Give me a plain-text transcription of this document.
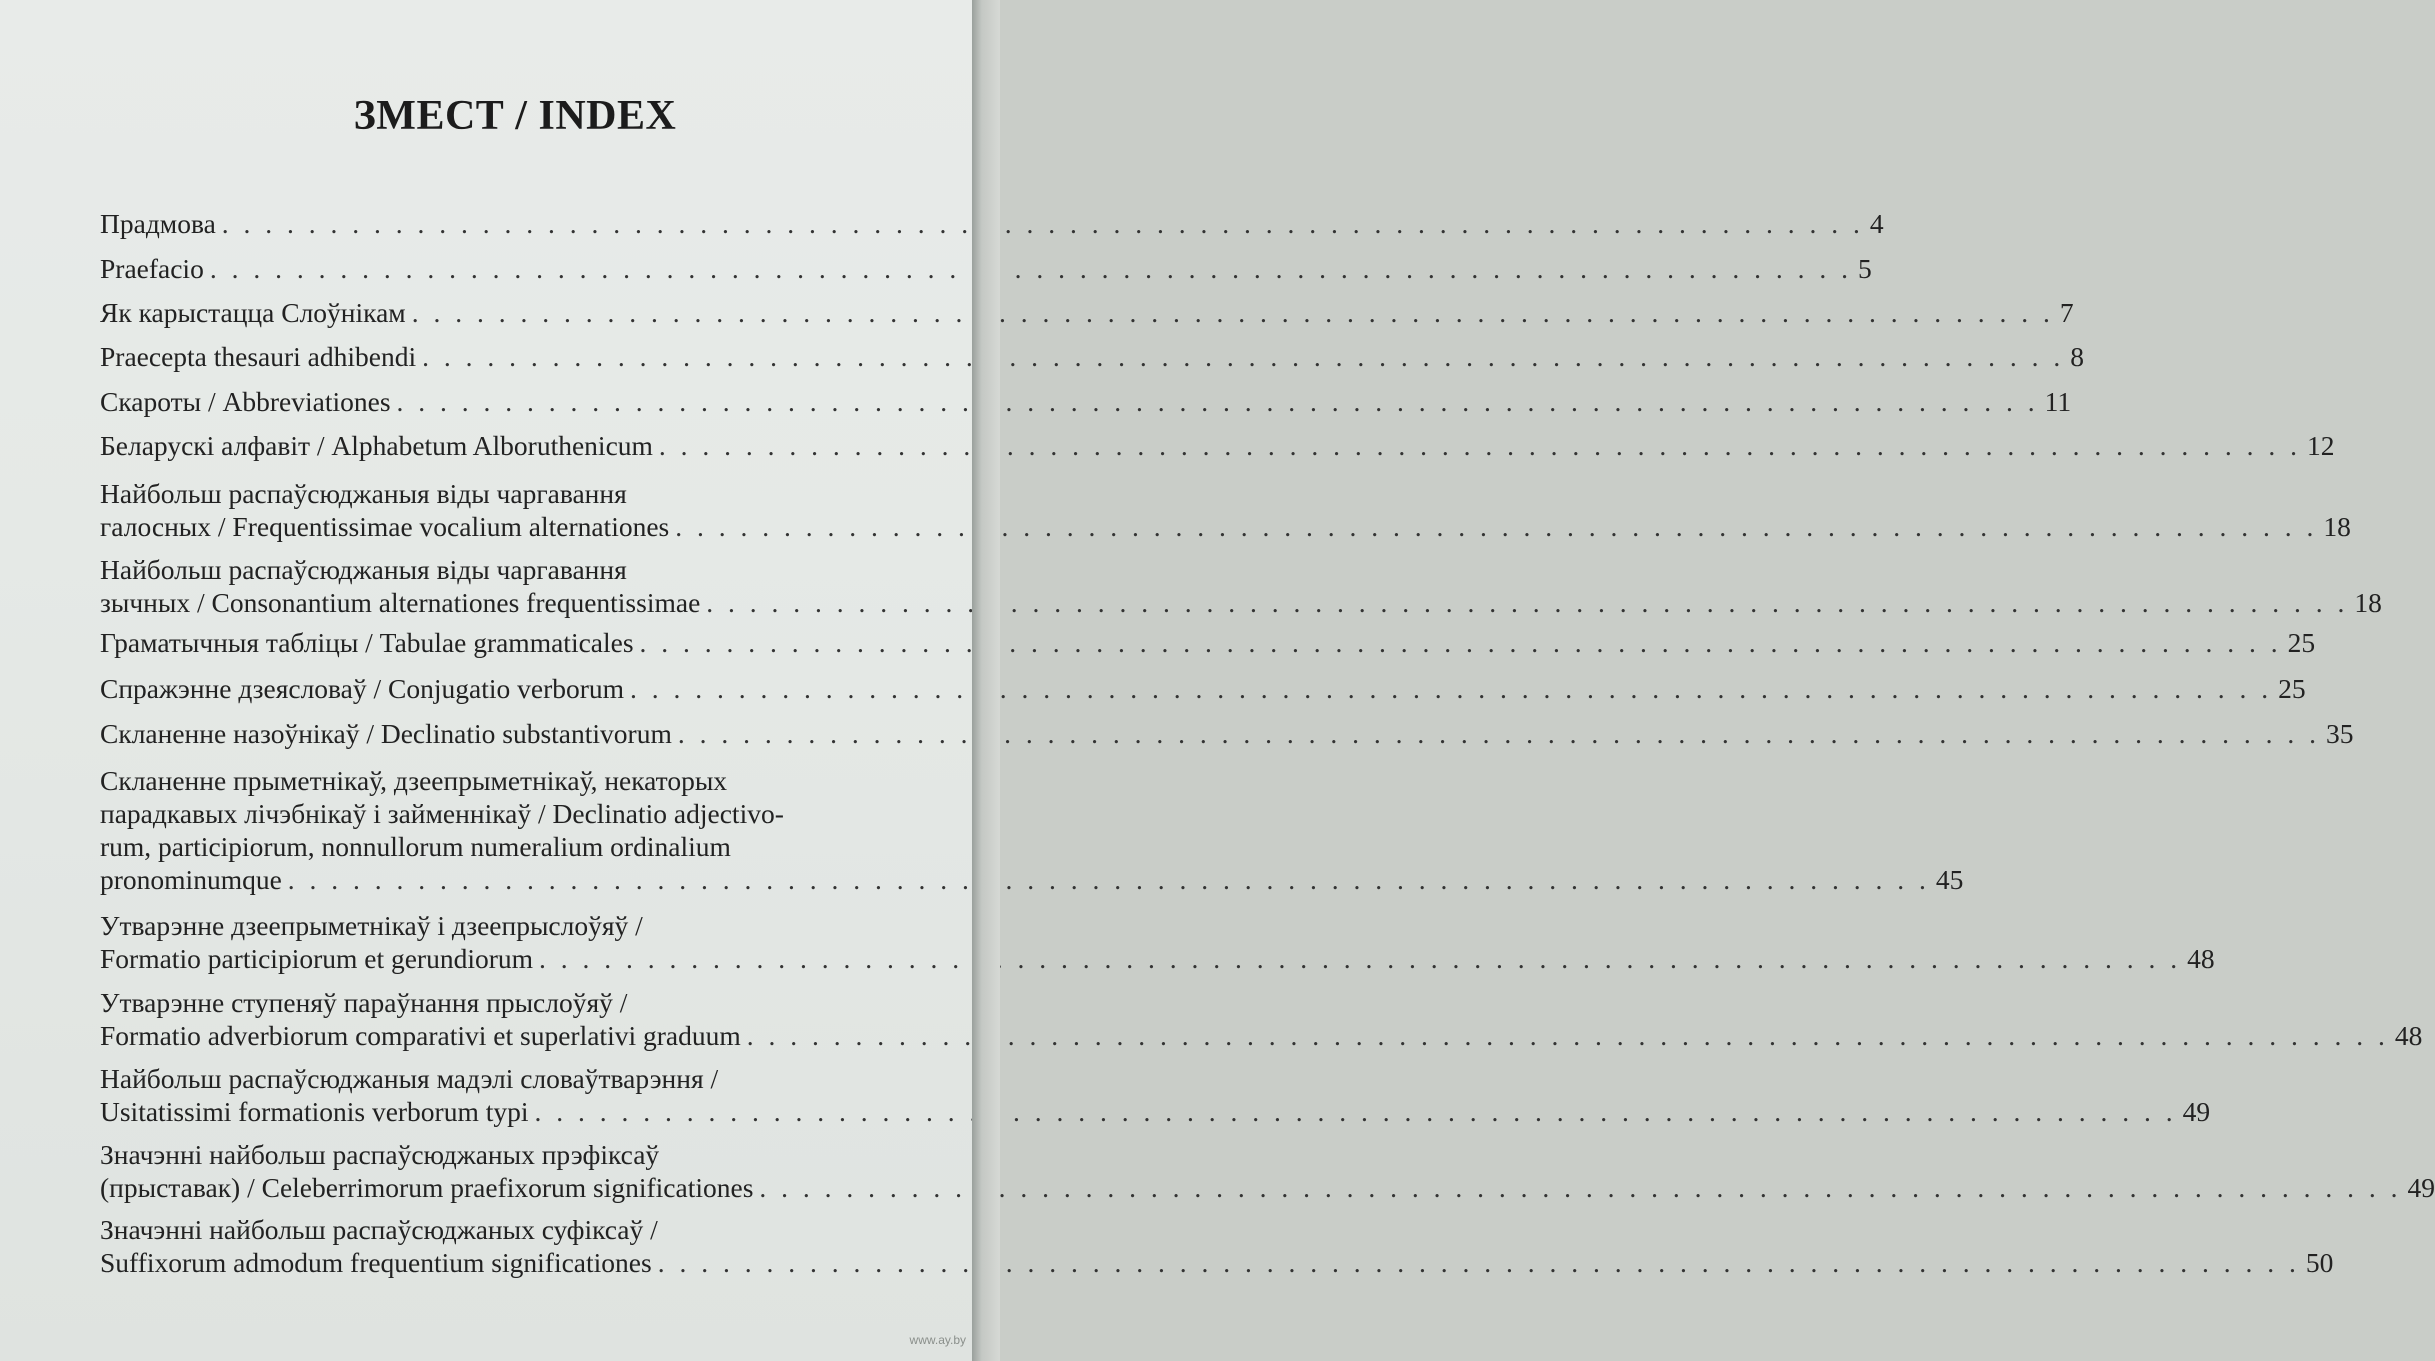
ЗМЕСТ / INDEX
Прадмова . . .	4
Praefacio . . .	5
Як карыстацца Слоўнікам . . .	7
Praecepta thesauri adhibendi . . .	8
Скароты / Abbreviationes . . .	11
Беларускі алфавіт / Alphabetum Alboruthenicum . . .	12
Найбольш распаўсюджаныя віды чаргавання
галосных / Frequentissimae vocalium alternationes . . .	18
Найбольш распаўсюджаныя віды чаргавання
зычных / Consonantium alternationes frequentissimae . . .	18
Граматычныя табліцы / Tabulae grammaticales . . .	25
Спражэнне дзеясловаў / Conjugatio verborum . . .	25
Скланенне назоўнікаў / Declinatio substantivorum . . .	35
Скланенне прыметнікаў, дзеепрыметнікаў, некаторых
парадкавых лічэбнікаў і займеннікаў / Declinatio adjectivo-
rum, participiorum, nonnullorum numeralium ordinalium
pronominumque . . .	45
Утварэнне дзеепрыметнікаў і дзеепрыслоўяў /
Formatio participiorum et gerundiorum . . .	48
Утварэнне ступеняў параўнання прыслоўяў /
Formatio adverbiorum comparativi et superlativi graduum . . .	48
Найбольш распаўсюджаныя мадэлі словаўтварэння /
Usitatissimi formationis verborum typi . . .	49
Значэнні найбольш распаўсюджаных прэфіксаў
(прыставак) / Celeberrimorum praefixorum significationes . . .	49
Значэнні найбольш распаўсюджаных суфіксаў /
Suffixorum admodum frequentium significationes . . .	50
www.ay.by
